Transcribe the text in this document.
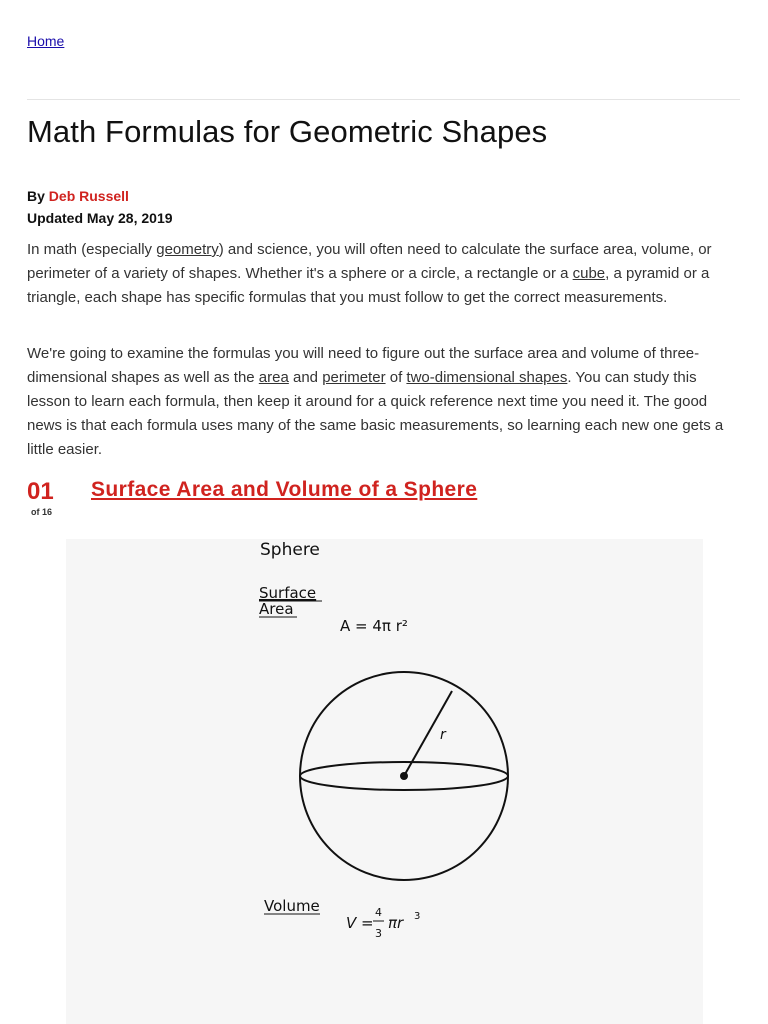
Home
Math Formulas for Geometric Shapes
By Deb Russell
Updated May 28, 2019

In math (especially geometry) and science, you will often need to calculate the surface area, volume, or perimeter of a variety of shapes. Whether it's a sphere or a circle, a rectangle or a cube, a pyramid or a triangle, each shape has specific formulas that you must follow to get the correct measurements.

We're going to examine the formulas you will need to figure out the surface area and volume of three-dimensional shapes as well as the area and perimeter of two-dimensional shapes. You can study this lesson to learn each formula, then keep it around for a quick reference next time you need it. The good news is that each formula uses many of the same basic measurements, so learning each new one gets a little easier.

01
of 16
Surface Area and Volume of a Sphere
Sphere
Surface
Area
A = 4π r²
r
Volume
V =
4
3
πr 3
